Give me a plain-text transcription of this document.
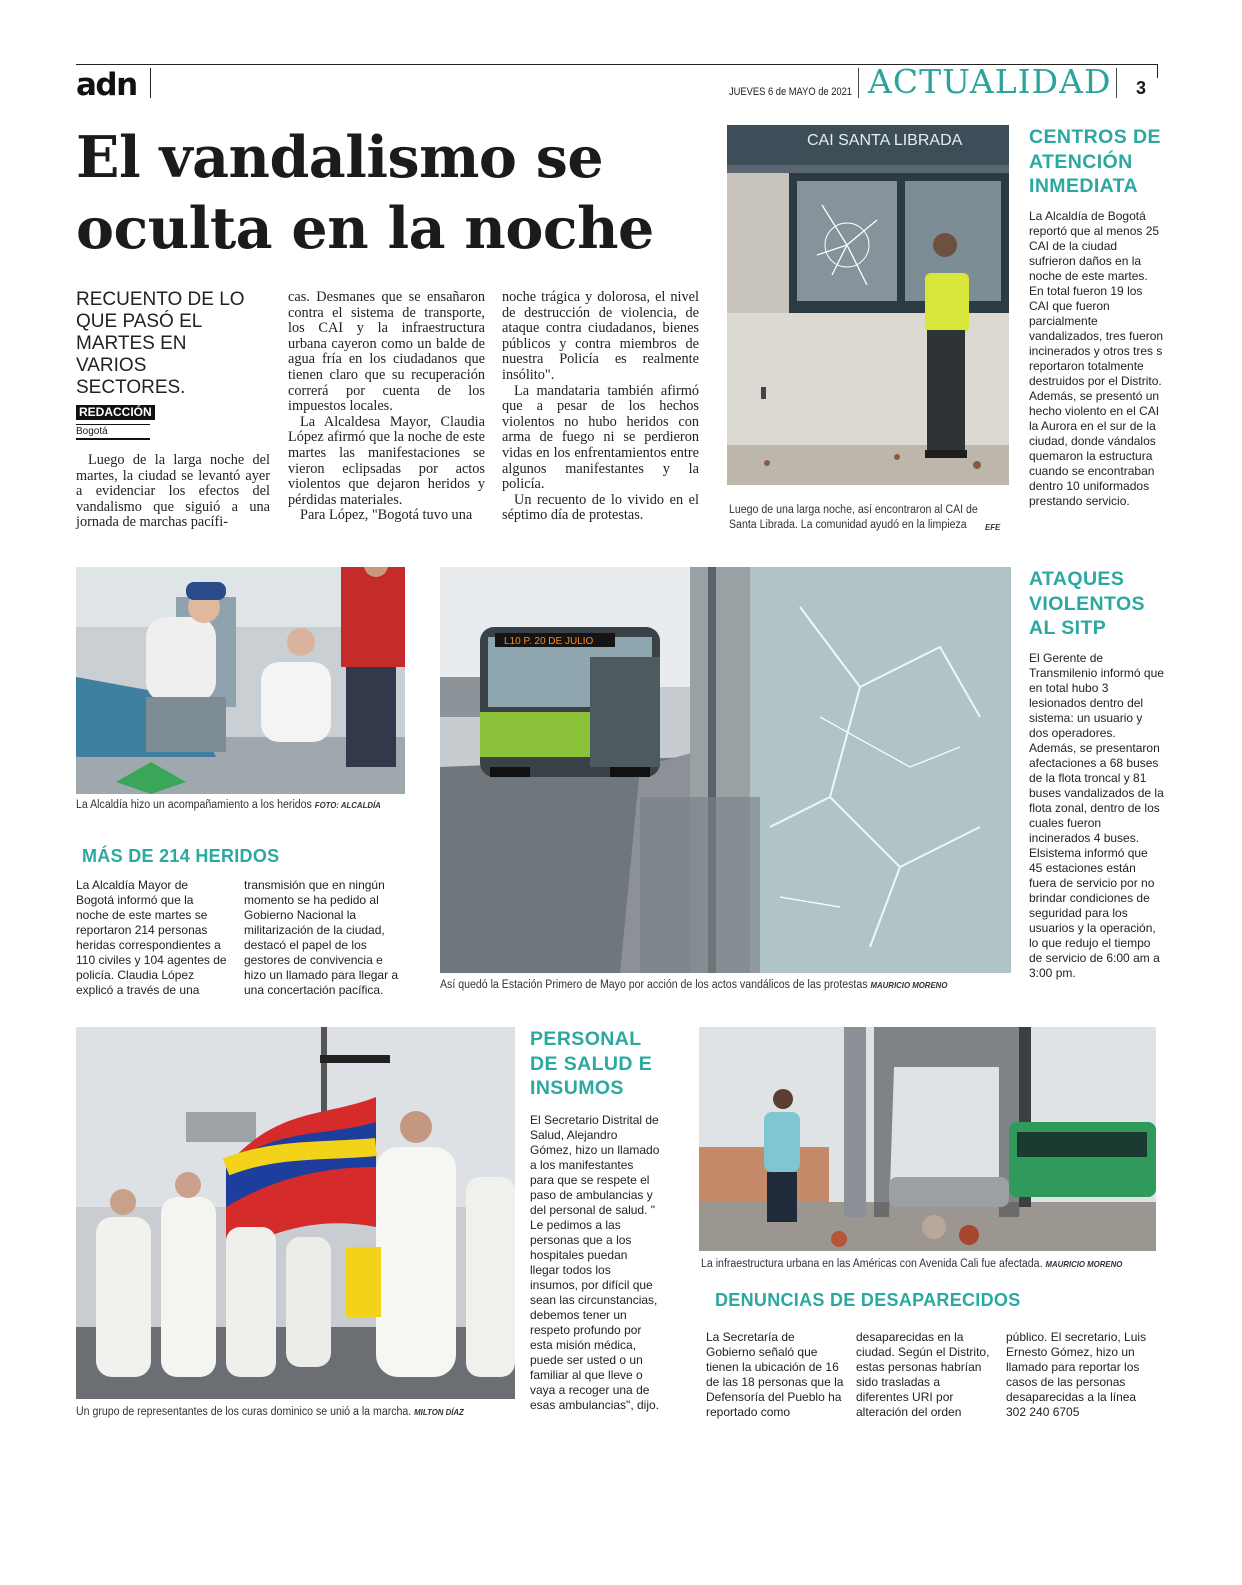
adn	JUEVES 6 de MAYO de 2021 ACTUALIDAD 3
El vandalismo se
oculta en la noche
RECUENTO DE LO QUE PASÓ EL MARTES EN VARIOS SECTORES.
REDACCIÓN
Bogotá

Luego de la larga noche del martes, la ciudad se levantó ayer a evidenciar los efectos del vandalismo que siguió a una jornada de marchas pacífi-

cas. Desmanes que se ensañaron contra el sistema de transporte, los CAI y la infraestructura urbana cayeron como un balde de agua fría en los ciudadanos que tienen claro que su recuperación correrá por cuenta de los impuestos locales.

La Alcaldesa Mayor, Claudia López afirmó que la noche de este martes las manifestaciones se vieron eclipsadas por actos violentos que dejaron heridos y pérdidas materiales.

Para López, "Bogotá tuvo una

noche trágica y dolorosa, el nivel de destrucción de violencia, de ataque contra ciudadanos, bienes públicos y contra miembros de nuestra Policía es realmente insólito".

La mandataria también afirmó que a pesar de los hechos violentos no hubo heridos con arma de fuego ni se perdieron vidas en los enfrentamientos entre algunos manifestantes y la policía.

Un recuento de lo vivido en el séptimo día de protestas.

CAI SANTA LIBRADA
Luego de una larga noche, así encontraron al CAI de Santa Librada. La comunidad ayudó en la limpieza	EFE
CENTROS DE
ATENCIÓN
INMEDIATA
La Alcaldía de Bogotá reportó que al menos 25 CAI de la ciudad sufrieron daños en la noche de este martes. En total fueron 19 los CAI que fueron parcialmente vandalizados, tres fueron incinerados y otros tres s reportaron totalmente destruidos por el Distrito. Además, se presentó un hecho violento en el CAI la Aurora en el sur de la ciudad, donde vándalos quemaron la estructura cuando se encontraban dentro 10 uniformados prestando servicio.
La Alcaldía hizo un acompañamiento a los heridos FOTO: ALCALDÍA
MÁS DE 214 HERIDOS
La Alcaldía Mayor de Bogotá informó que la noche de este martes se reportaron 214 personas heridas correspondientes a 110 civiles y 104 agentes de policía. Claudia López explicó a través de una
transmisión que en ningún momento se ha pedido al Gobierno Nacional la militarización de la ciudad, destacó el papel de los gestores de convivencia e hizo un llamado para llegar a una concertación pacífica.
L10 P. 20 DE JULIO
Así quedó la Estación Primero de Mayo por acción de los actos vandálicos de las protestas MAURICIO MORENO
ATAQUES
VIOLENTOS
AL SITP
El Gerente de Transmilenio informó que en total hubo 3 lesionados dentro del sistema: un usuario y dos operadores. Además, se presentaron afectaciones a 68 buses de la flota troncal y 81 buses vandalizados de la flota zonal, dentro de los cuales fueron incinerados 4 buses. Elsistema informó que 45 estaciones están fuera de servicio por no brindar condiciones de seguridad para los usuarios y la operación, lo que redujo el tiempo de servicio de 6:00 am a 3:00 pm.
Un grupo de representantes de los curas dominico se unió a la marcha. MILTON DÍAZ
PERSONAL
DE SALUD E
INSUMOS
El Secretario Distrital de Salud, Alejandro Gómez, hizo un llamado a los manifestantes para que se respete el paso de ambulancias y del personal de salud. " Le pedimos a las personas que a los hospitales puedan llegar todos los insumos, por difícil que sean las circunstancias, debemos tener un respeto profundo por esta misión médica, puede ser usted o un familiar al que lleve o vaya a recoger una de esas ambulancias", dijo.
La infraestructura urbana en las Américas con Avenida Cali fue afectada. MAURICIO MORENO
DENUNCIAS DE DESAPARECIDOS
La Secretaría de Gobierno señaló que tienen la ubicación de 16 de las 18 personas que la Defensoría del Pueblo ha reportado como
desaparecidas en la ciudad. Según el Distrito, estas personas habrían sido trasladas a diferentes URI por alteración del orden
público. El secretario, Luis Ernesto Gómez, hizo un llamado para reportar los casos de las personas desaparecidas a la línea 302 240 6705
